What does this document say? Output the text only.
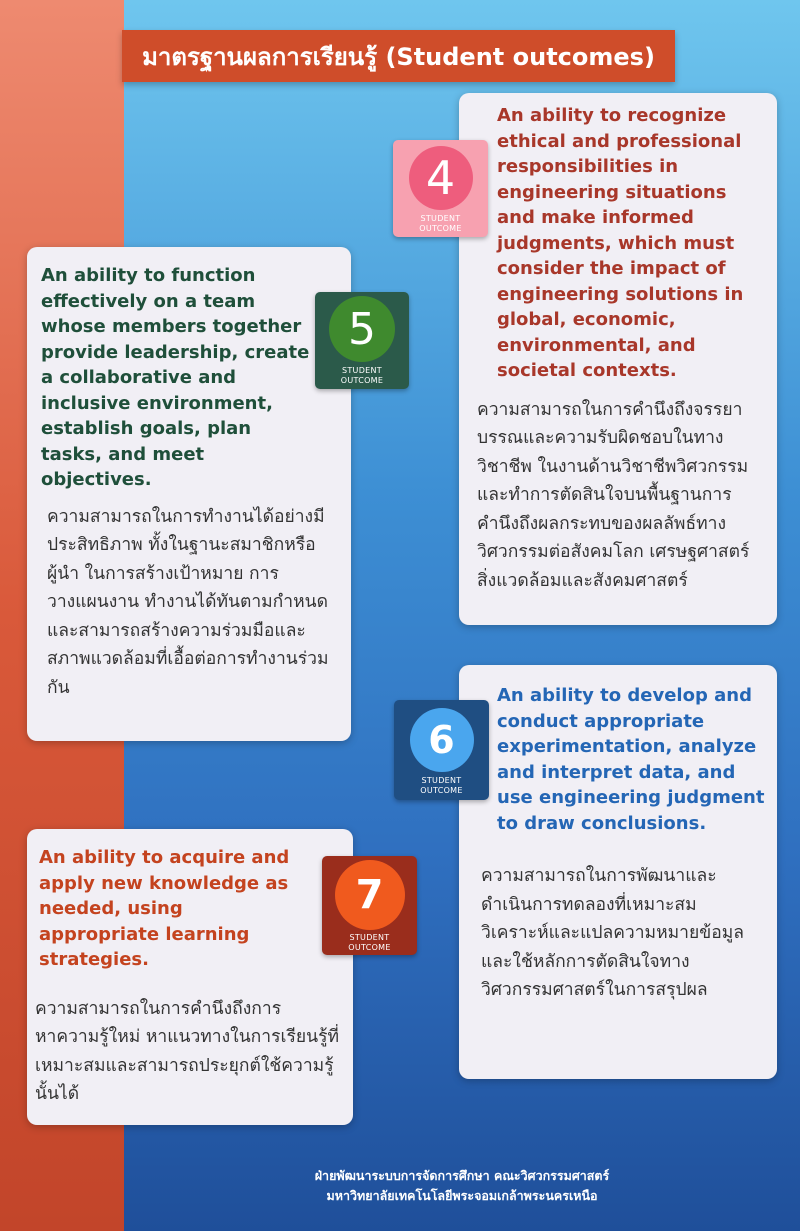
มาตรฐานผลการเรียนรู้ (Student outcomes)

An ability to recognize ethical and professional responsibilities in engineering situations and make informed judgments, which must consider the impact of engineering solutions in global, economic, environmental, and societal contexts.

ความสามารถในการคำนึงถึงจรรยาบรรณและความรับผิดชอบในทางวิชาชีพ ในงานด้านวิชาชีพวิศวกรรม และทำการตัดสินใจบนพื้นฐานการคำนึงถึงผลกระทบของผลลัพธ์ทางวิศวกรรมต่อสังคมโลก เศรษฐศาสตร์ สิ่งแวดล้อมและสังคมศาสตร์

An ability to function effectively on a team whose members together provide leadership, create a collaborative and inclusive environment, establish goals, plan tasks, and meet objectives.

ความสามารถในการทำงานได้อย่างมีประสิทธิภาพ ทั้งในฐานะสมาชิกหรือผู้นำ ในการสร้างเป้าหมาย การวางแผนงาน ทำงานได้ทันตามกำหนด และสามารถสร้างความร่วมมือและสภาพแวดล้อมที่เอื้อต่อการทำงานร่วมกัน	An ability to develop and conduct appropriate experimentation, analyze and interpret data, and use engineering judgment to draw conclusions.

ความสามารถในการพัฒนาและดำเนินการทดลองที่เหมาะสม วิเคราะห์และแปลความหมายข้อมูลและใช้หลักการตัดสินใจทางวิศวกรรมศาสตร์ในการสรุปผล

An ability to acquire and apply new knowledge as needed, using appropriate learning strategies.

ความสามารถในการคำนึงถึงการหาความรู้ใหม่ หาแนวทางในการเรียนรู้ที่เหมาะสมและสามารถประยุกต์ใช้ความรู้นั้นได้

4
STUDENT
OUTCOME
5
STUDENT
OUTCOME
6
STUDENT
OUTCOME
7
STUDENT
OUTCOME
ฝ่ายพัฒนาระบบการจัดการศึกษา คณะวิศวกรรมศาสตร์
มหาวิทยาลัยเทคโนโลยีพระจอมเกล้าพระนครเหนือ
